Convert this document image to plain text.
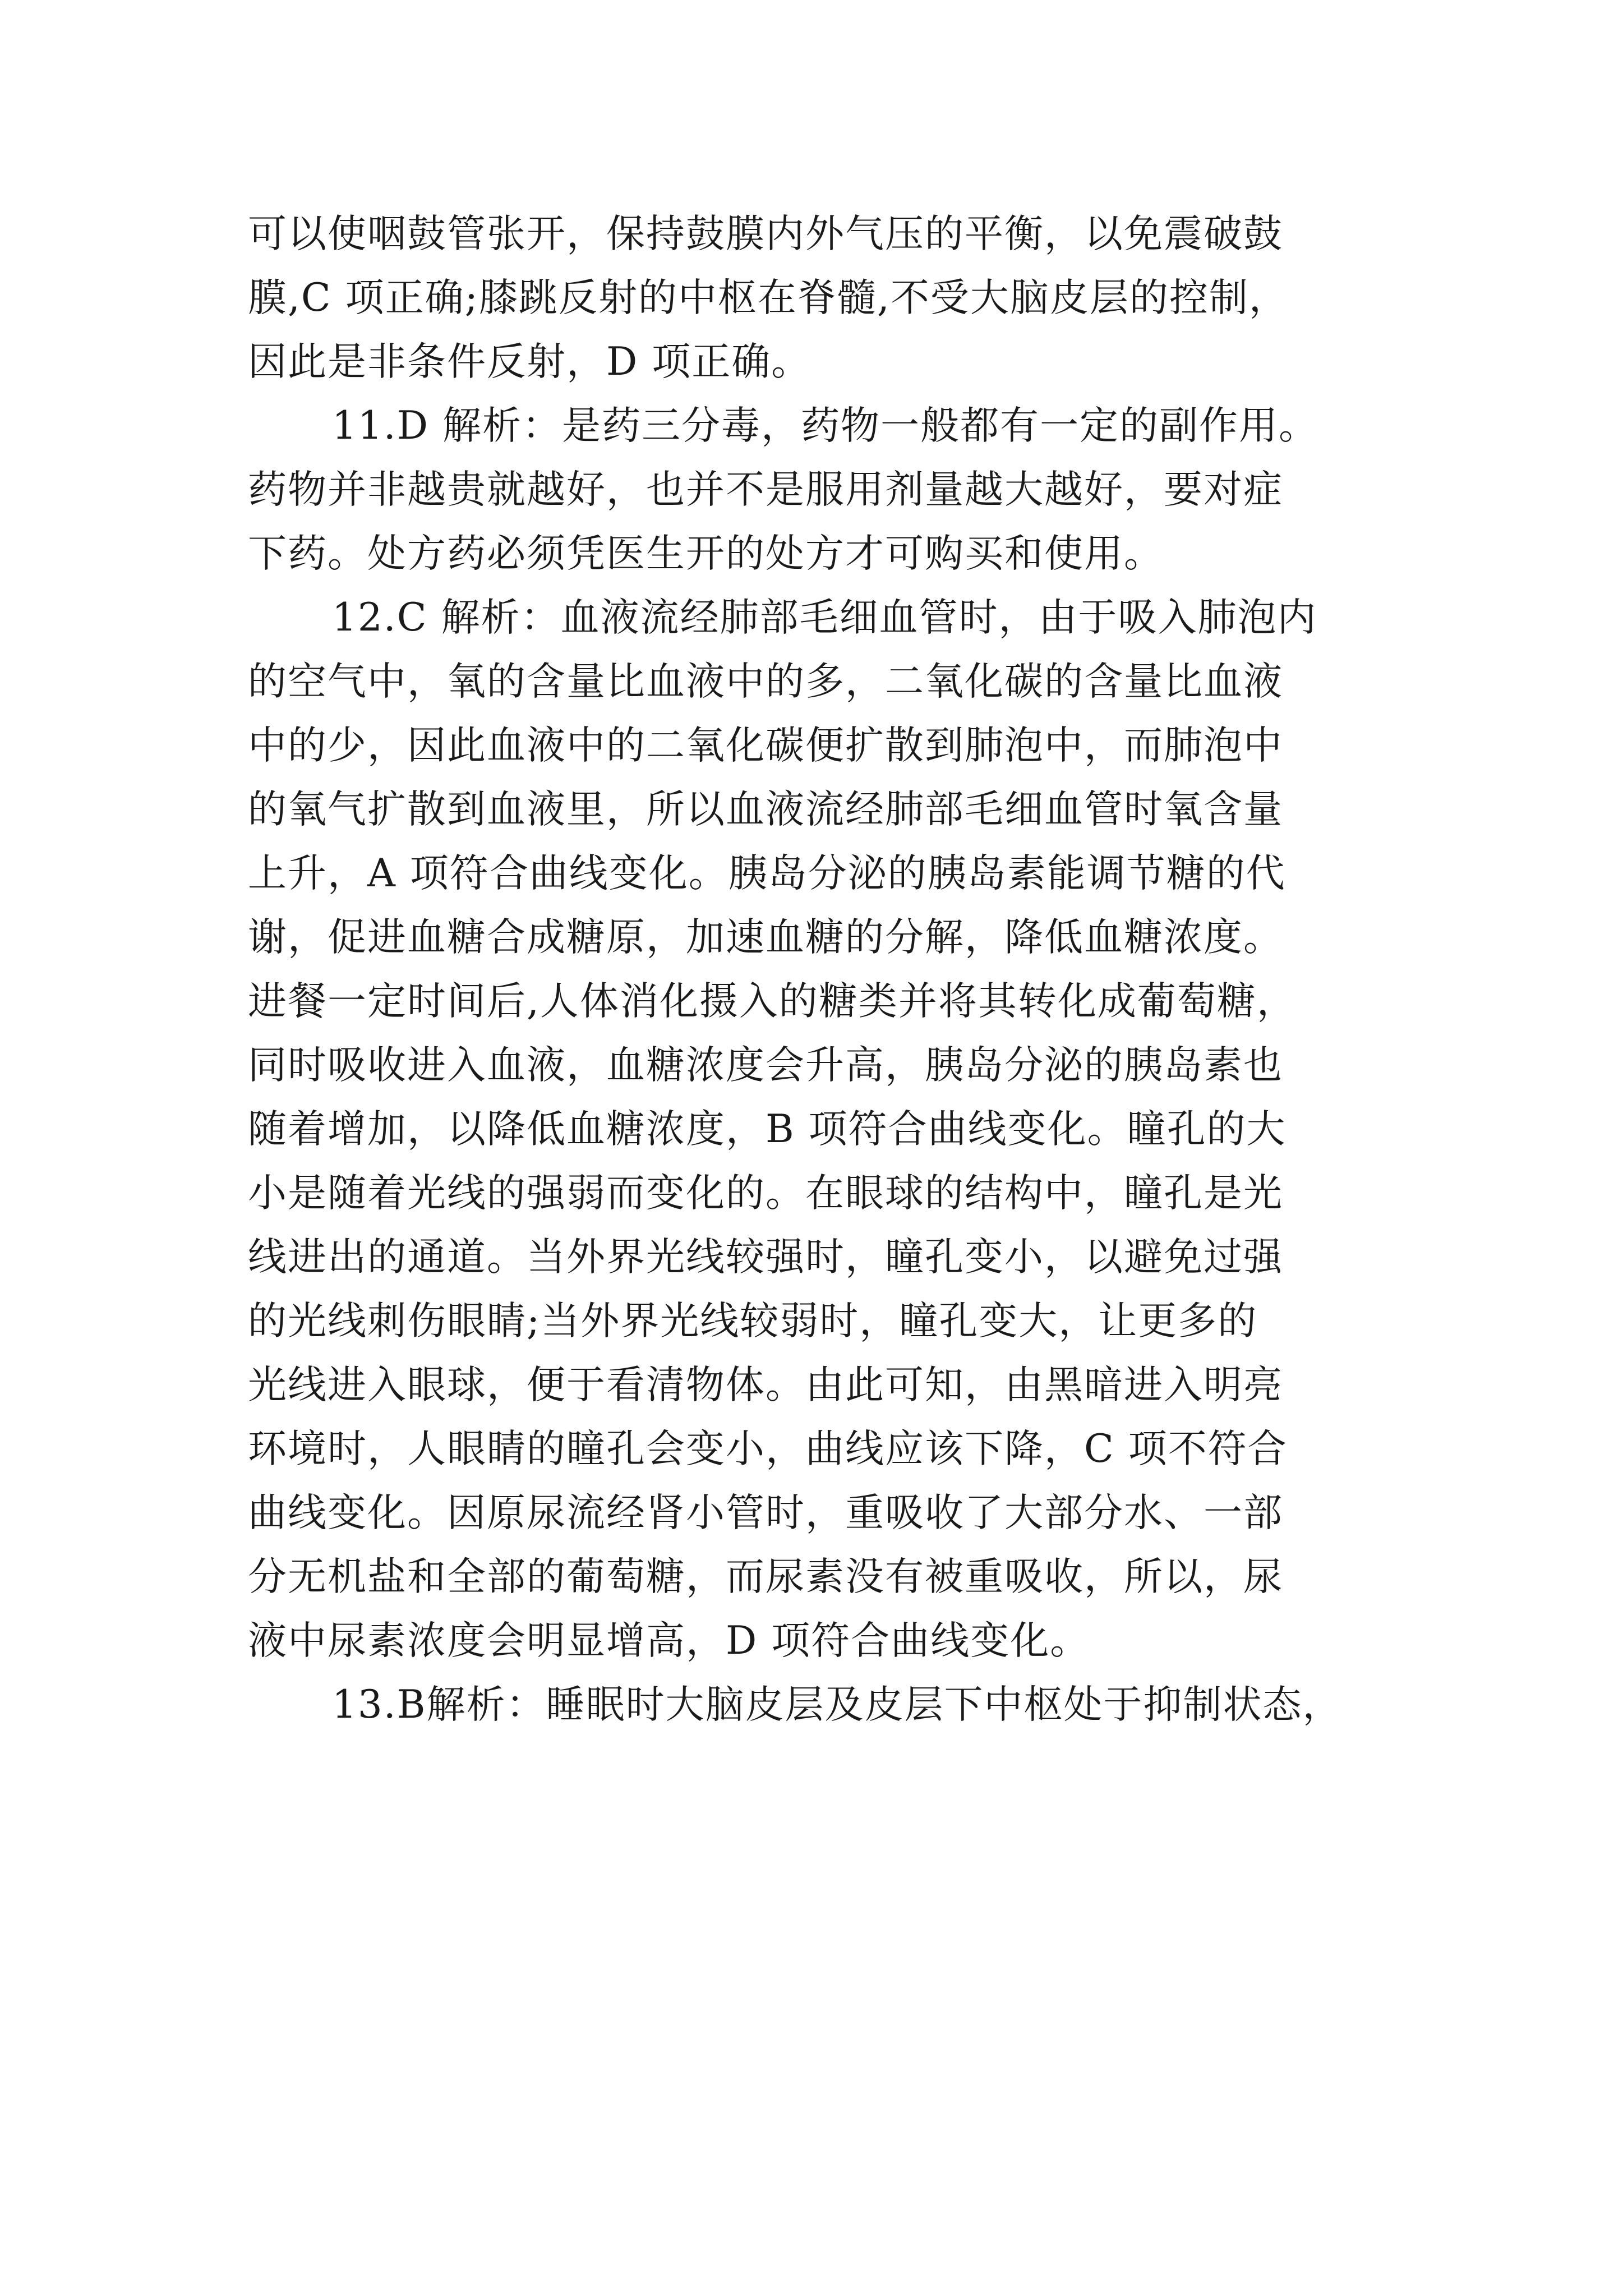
可以使咽鼓管张开，保持鼓膜内外气压的平衡，以免震破鼓
膜,C 项正确;膝跳反射的中枢在脊髓,不受大脑皮层的控制，
因此是非条件反射，D 项正确。
11.D 解析：是药三分毒，药物一般都有一定的副作用。
药物并非越贵就越好，也并不是服用剂量越大越好，要对症
下药。处方药必须凭医生开的处方才可购买和使用。
12.C 解析：血液流经肺部毛细血管时，由于吸入肺泡内
的空气中，氧的含量比血液中的多，二氧化碳的含量比血液
中的少，因此血液中的二氧化碳便扩散到肺泡中，而肺泡中
的氧气扩散到血液里，所以血液流经肺部毛细血管时氧含量
上升，A 项符合曲线变化。胰岛分泌的胰岛素能调节糖的代
谢，促进血糖合成糖原，加速血糖的分解，降低血糖浓度。
进餐一定时间后,人体消化摄入的糖类并将其转化成葡萄糖，
同时吸收进入血液，血糖浓度会升高，胰岛分泌的胰岛素也
随着增加，以降低血糖浓度，B 项符合曲线变化。瞳孔的大
小是随着光线的强弱而变化的。在眼球的结构中，瞳孔是光
线进出的通道。当外界光线较强时，瞳孔变小，以避免过强
的光线刺伤眼睛;当外界光线较弱时，瞳孔变大，让更多的
光线进入眼球，便于看清物体。由此可知，由黑暗进入明亮
环境时，人眼睛的瞳孔会变小，曲线应该下降，C 项不符合
曲线变化。因原尿流经肾小管时，重吸收了大部分水、一部
分无机盐和全部的葡萄糖，而尿素没有被重吸收，所以，尿
液中尿素浓度会明显增高，D 项符合曲线变化。
13.B解析：睡眠时大脑皮层及皮层下中枢处于抑制状态，
